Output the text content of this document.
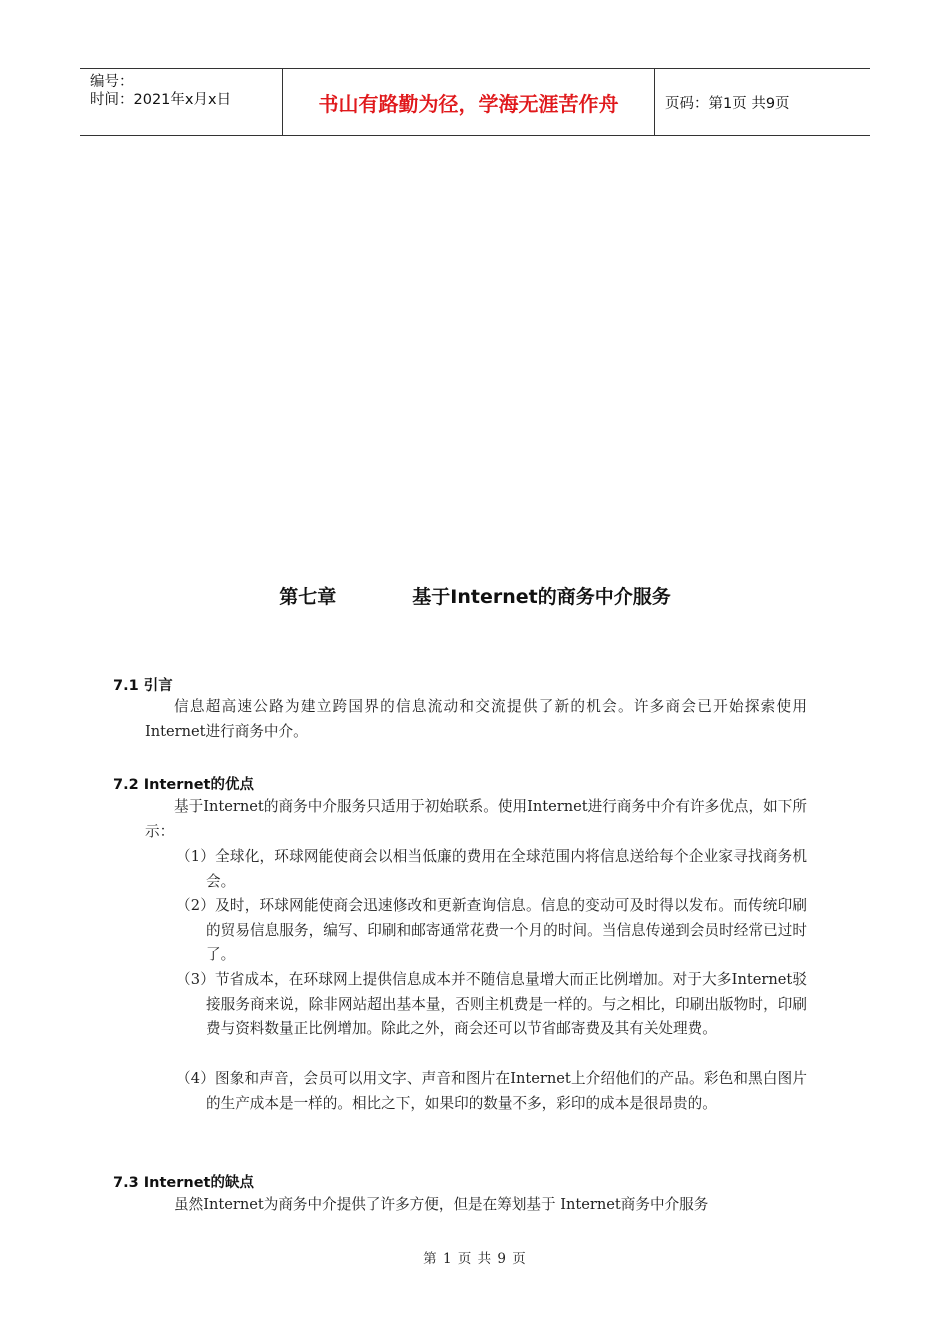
编号：
时间：2021年x月x日	书山有路勤为径，学海无涯苦作舟	页码：第1页 共9页
第七章	基于Internet的商务中介服务
7.1 引言

信息超高速公路为建立跨国界的信息流动和交流提供了新的机会。许多商会已开始探索使用Internet进行商务中介。

7.2 Internet的优点

基于Internet的商务中介服务只适用于初始联系。使用Internet进行商务中介有许多优点，如下所示：

（1）全球化，环球网能使商会以相当低廉的费用在全球范围内将信息送给每个企业家寻找商务机会。

（2）及时，环球网能使商会迅速修改和更新查询信息。信息的变动可及时得以发布。而传统印刷的贸易信息服务，编写、印刷和邮寄通常花费一个月的时间。当信息传递到会员时经常已过时了。

（3）节省成本，在环球网上提供信息成本并不随信息量增大而正比例增加。对于大多Internet驳接服务商来说，除非网站超出基本量，否则主机费是一样的。与之相比，印刷出版物时，印刷费与资料数量正比例增加。除此之外，商会还可以节省邮寄费及其有关处理费。

（4）图象和声音，会员可以用文字、声音和图片在Internet上介绍他们的产品。彩色和黑白图片的生产成本是一样的。相比之下，如果印的数量不多，彩印的成本是很昂贵的。

7.3 Internet的缺点

虽然Internet为商务中介提供了许多方便，但是在筹划基于 Internet商务中介服务

第 1 页 共 9 页
